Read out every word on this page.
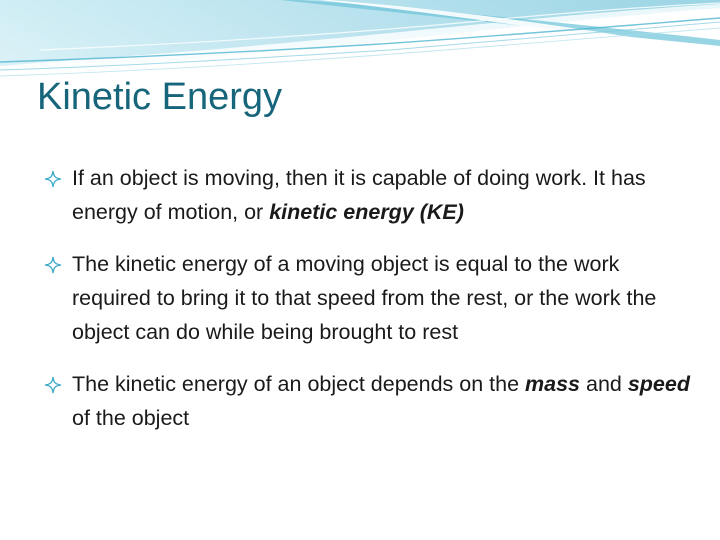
Kinetic Energy
If an object is moving, then it is capable of doing work. It has energy of motion, or kinetic energy (KE)
The kinetic energy of a moving object is equal to the work required to bring it to that speed from the rest, or the work the object can do while being brought to rest
The kinetic energy of an object depends on the mass and speed of the object
